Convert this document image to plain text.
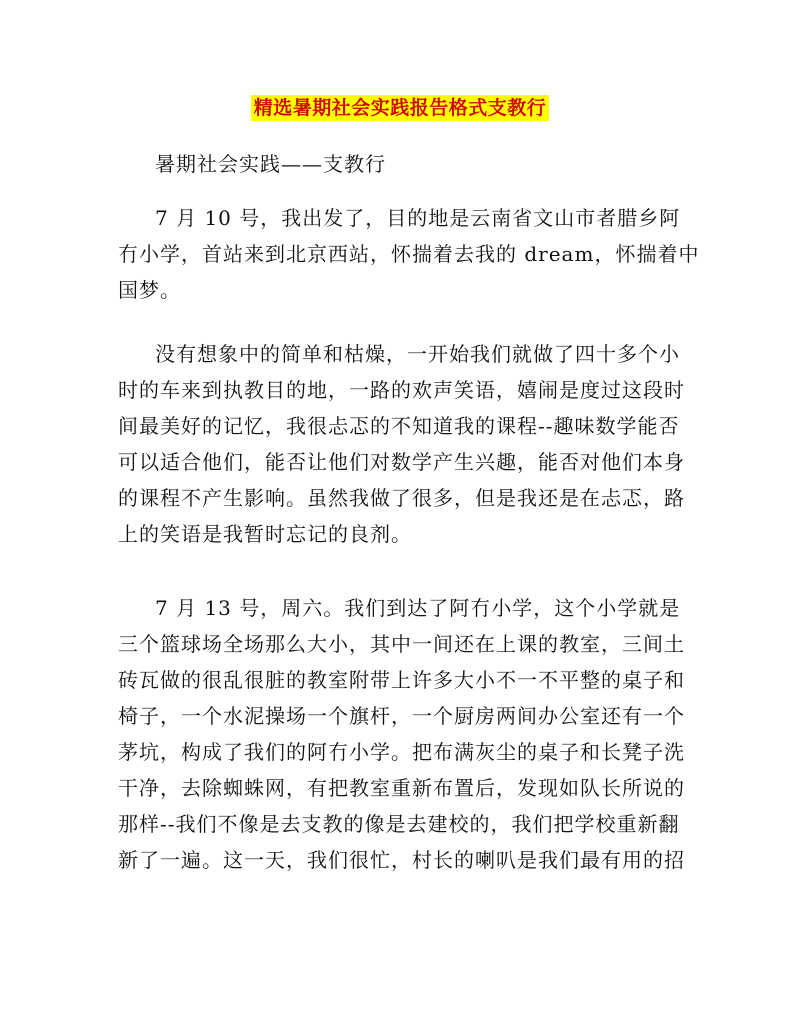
精选暑期社会实践报告格式支教行
暑期社会实践——支教行
7 月 10 号，我出发了，目的地是云南省文山市者腊乡阿
冇小学，首站来到北京西站，怀揣着去我的 dream，怀揣着中
国梦。
没有想象中的简单和枯燥，一开始我们就做了四十多个小
时的车来到执教目的地，一路的欢声笑语，嬉闹是度过这段时
间最美好的记忆，我很忐忑的不知道我的课程--趣味数学能否
可以适合他们，能否让他们对数学产生兴趣，能否对他们本身
的课程不产生影响。虽然我做了很多，但是我还是在忐忑，路
上的笑语是我暂时忘记的良剂。
7 月 13 号，周六。我们到达了阿冇小学，这个小学就是
三个篮球场全场那么大小，其中一间还在上课的教室，三间土
砖瓦做的很乱很脏的教室附带上许多大小不一不平整的桌子和
椅子，一个水泥操场一个旗杆，一个厨房两间办公室还有一个
茅坑，构成了我们的阿冇小学。把布满灰尘的桌子和长凳子洗
干净，去除蜘蛛网，有把教室重新布置后，发现如队长所说的
那样--我们不像是去支教的像是去建校的，我们把学校重新翻
新了一遍。这一天，我们很忙，村长的喇叭是我们最有用的招
